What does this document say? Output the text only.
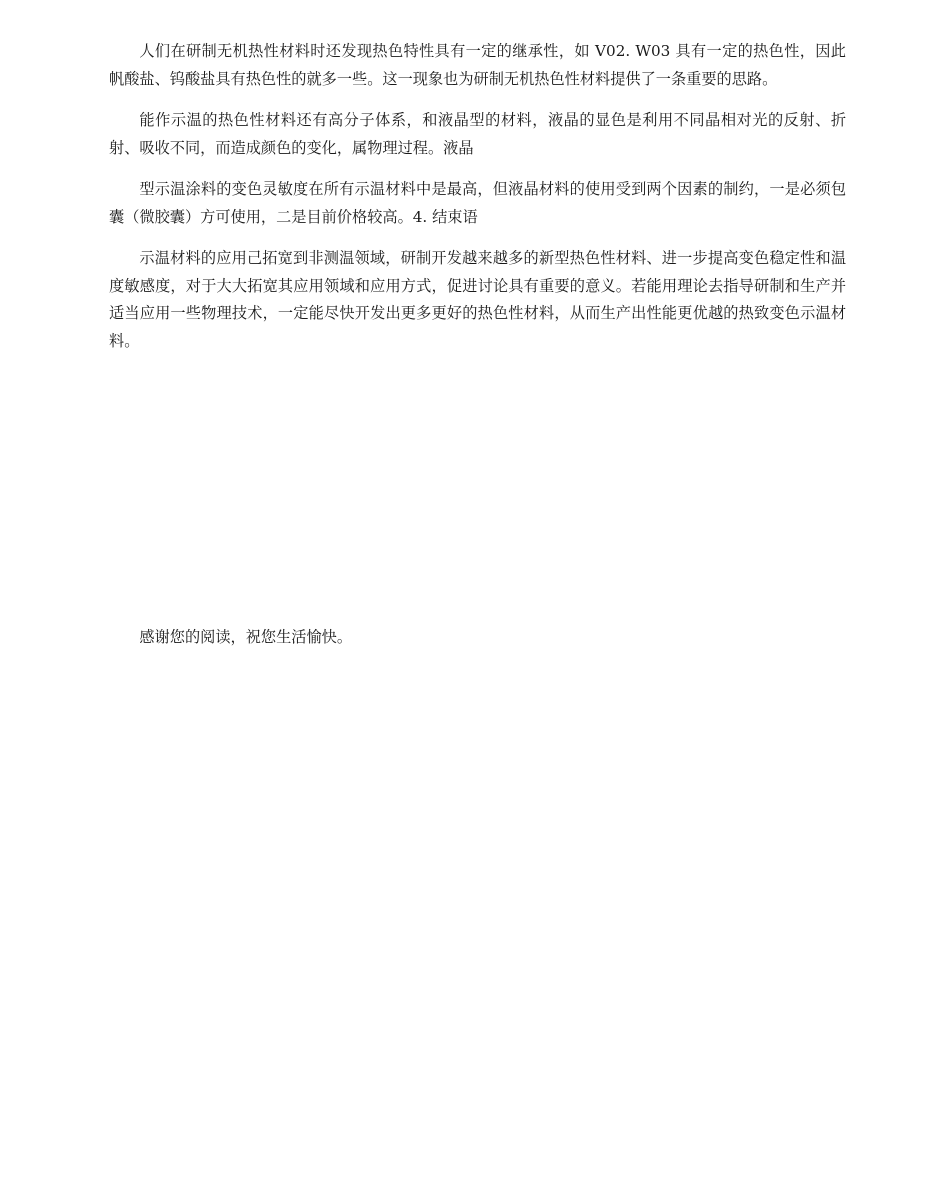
人们在研制无机热性材料时还发现热色特性具有一定的继承性，如 V02. W03 具有一定的热色性，因此帆酸盐、钨酸盐具有热色性的就多一些。这一现象也为研制无机热色性材料提供了一条重要的思路。

能作示温的热色性材料还有高分子体系，和液晶型的材料，液晶的显色是利用不同晶相对光的反射、折射、吸收不同，而造成颜色的变化，属物理过程。液晶

型示温涂料的变色灵敏度在所有示温材料中是最高，但液晶材料的使用受到两个因素的制约，一是必须包囊（微胶囊）方可使用，二是目前价格较高。4. 结束语

示温材料的应用己拓宽到非测温领域，研制开发越来越多的新型热色性材料、进一步提高变色稳定性和温度敏感度，对于大大拓宽其应用领域和应用方式，促进讨论具有重要的意义。若能用理论去指导研制和生产并适当应用一些物理技术，一定能尽快开发出更多更好的热色性材料，从而生产出性能更优越的热致变色示温材料。

感谢您的阅读，祝您生活愉快。
